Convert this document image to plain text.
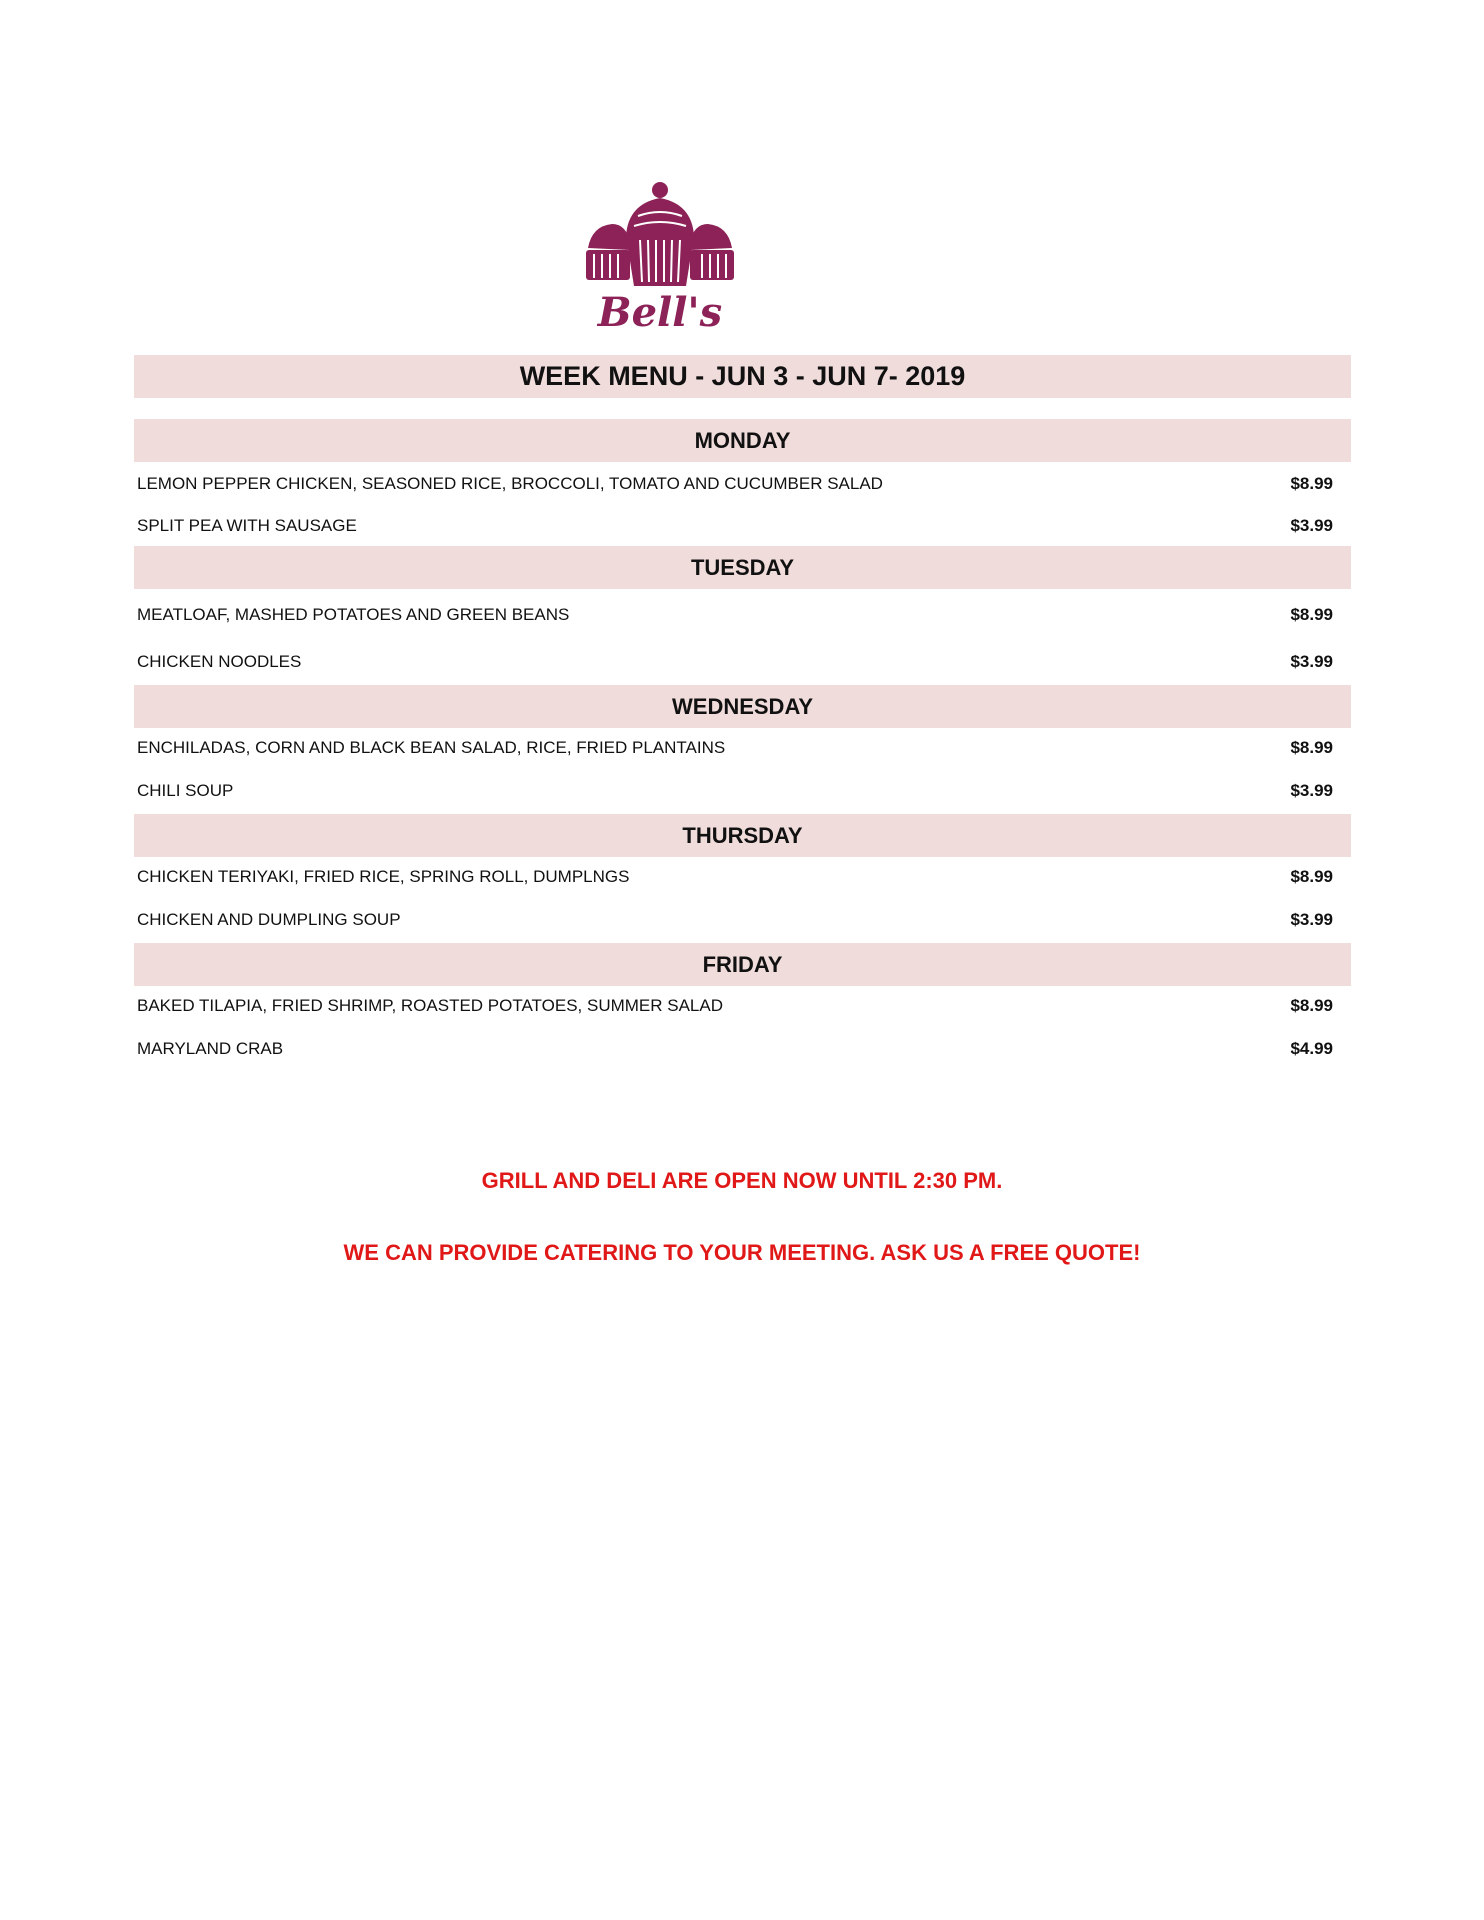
Bell's
WEEK MENU - JUN 3 - JUN 7- 2019
MONDAY
LEMON PEPPER CHICKEN, SEASONED RICE, BROCCOLI, TOMATO AND CUCUMBER SALAD	$8.99
SPLIT PEA WITH SAUSAGE	$3.99
TUESDAY
MEATLOAF, MASHED POTATOES AND GREEN BEANS	$8.99
CHICKEN NOODLES	$3.99
WEDNESDAY
ENCHILADAS, CORN AND BLACK BEAN SALAD, RICE, FRIED PLANTAINS	$8.99
CHILI SOUP	$3.99
THURSDAY
CHICKEN TERIYAKI, FRIED RICE, SPRING ROLL, DUMPLNGS	$8.99
CHICKEN AND DUMPLING SOUP	$3.99
FRIDAY
BAKED TILAPIA, FRIED SHRIMP, ROASTED POTATOES, SUMMER SALAD	$8.99
MARYLAND CRAB	$4.99
GRILL AND DELI ARE OPEN NOW UNTIL 2:30 PM.
WE CAN PROVIDE CATERING TO YOUR MEETING. ASK US A FREE QUOTE!
